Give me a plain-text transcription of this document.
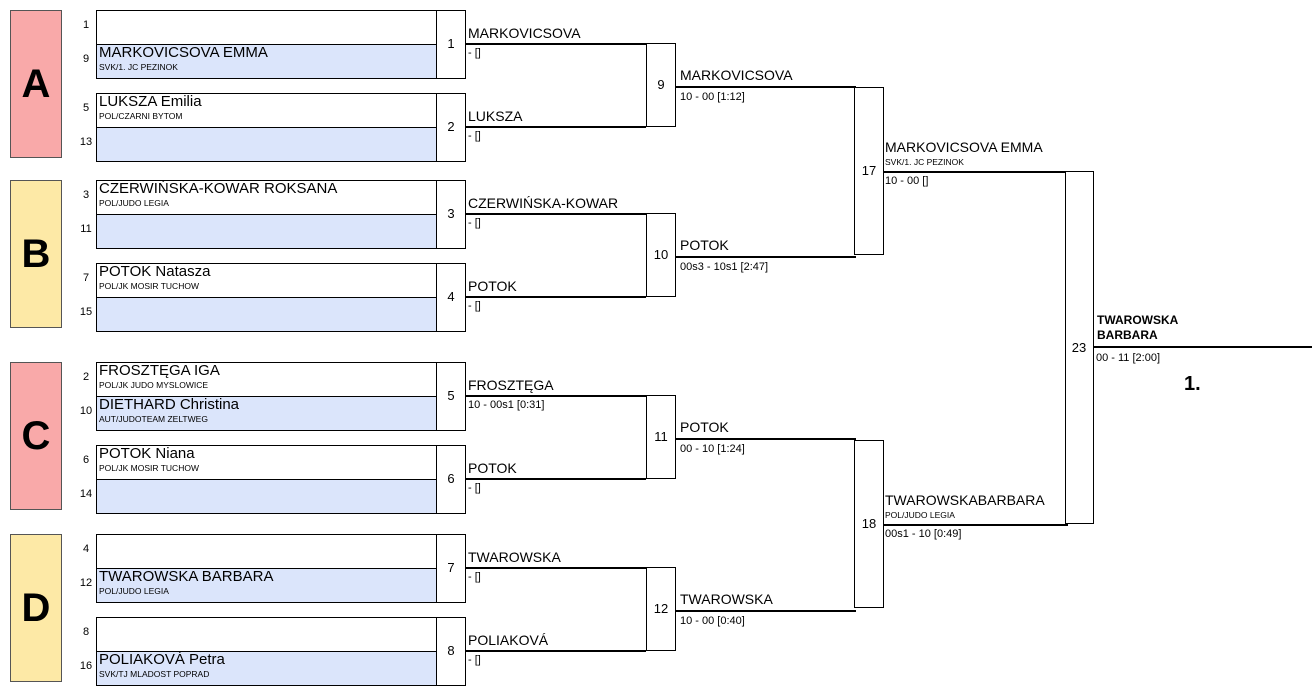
A
B
C
D
1
9 MARKOVICSOVA EMMA
SVK/1. JC PEZINOK
5 LUKSZA Emilia
POL/CZARNI BYTOM
13
3 CZERWIŃSKA-KOWAR ROKSANA
POL/JUDO LEGIA
11
7 POTOK Natasza
POL/JK MOSIR TUCHOW
15
2 FROSZTĘGA IGA
POL/JK JUDO MYSLOWICE
10 DIETHARD Christina
AUT/JUDOTEAM ZELTWEG
6 POTOK Niana
POL/JK MOSIR TUCHOW
14
4
12 TWAROWSKA BARBARA
POL/JUDO LEGIA
8
16 POLIAKOVÁ Petra
SVK/TJ MLADOST POPRAD
1
MARKOVICSOVA
- []
2
LUKSZA
- []
3
CZERWIŃSKA-KOWAR
- []
4
POTOK
- []
5
FROSZTĘGA
10 - 00s1 [0:31]
6
POTOK
- []
7
TWAROWSKA
- []
8
POLIAKOVÁ
- []
9
MARKOVICSOVA
10 - 00 [1:12]
10
POTOK
00s3 - 10s1 [2:47]
11
POTOK
00 - 10 [1:24]
12
TWAROWSKA
10 - 00 [0:40]
17
MARKOVICSOVA EMMA
SVK/1. JC PEZINOK
10 - 00 []
18
TWAROWSKABARBARA
POL/JUDO LEGIA
00s1 - 10 [0:49]
23
TWAROWSKA
BARBARA
00 - 11 [2:00]
1.
